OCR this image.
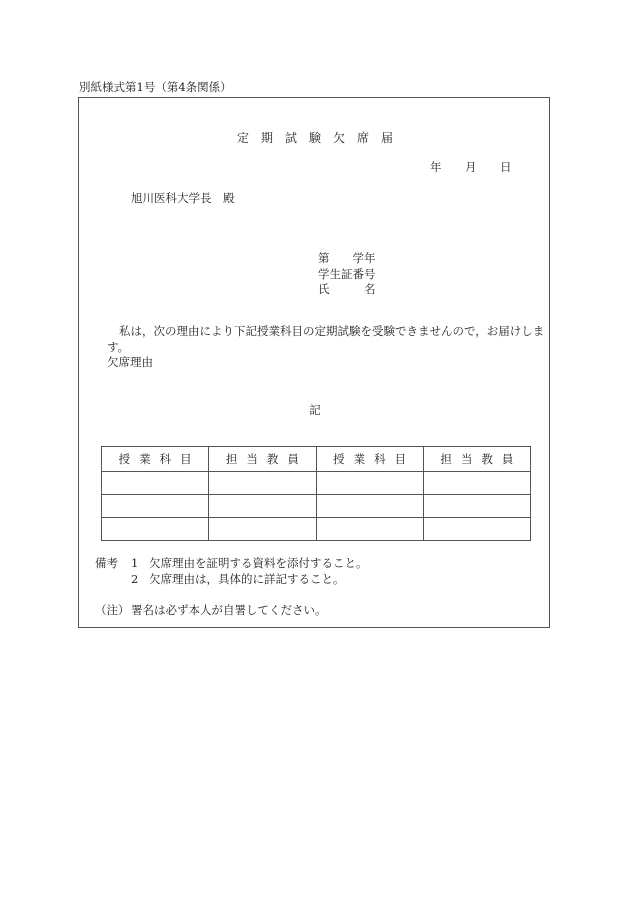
別紙様式第1号（第4条関係）
定期試験欠席届
年 月 日
旭川医科大学長　殿
第　　学年
学生証番号
氏　　　名
私は，次の理由により下記授業科目の定期試験を受験できませんので，お届けしま
す。
欠席理由
記
授業科目	担当教員	授業科目	担当教員

備考	1 欠席理由を証明する資料を添付すること。
2 欠席理由は，具体的に詳記すること。
（注） 署名は必ず本人が自署してください。
